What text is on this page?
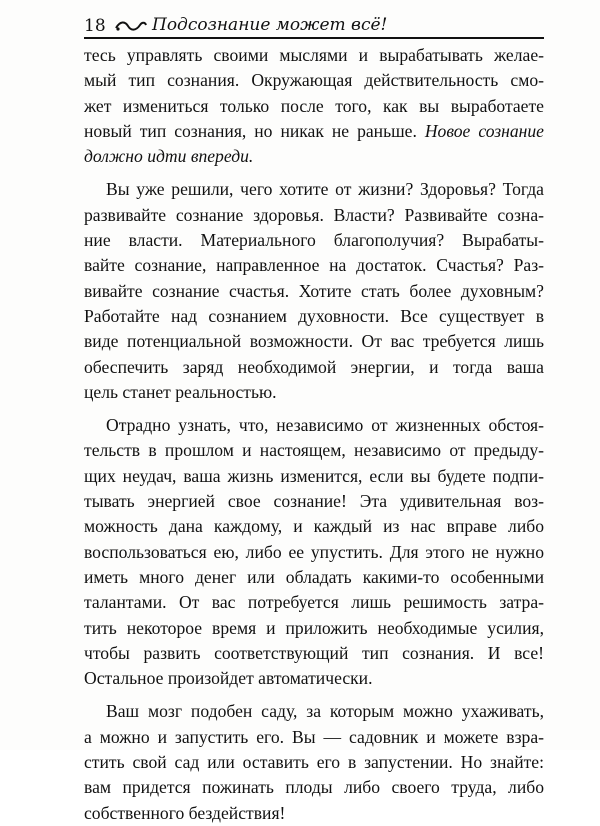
18	Подсознание может всё!
тесь управлять своими мыслями и вырабатывать желае-
мый тип сознания. Окружающая действительность смо-
жет измениться только после того, как вы выработаете
новый тип сознания, но никак не раньше. Новое сознание
должно идти впереди.
Вы уже решили, чего хотите от жизни? Здоровья? Тогда
развивайте сознание здоровья. Власти? Развивайте созна-
ние власти. Материального благополучия? Вырабаты-
вайте сознание, направленное на достаток. Счастья? Раз-
вивайте сознание счастья. Хотите стать более духовным?
Работайте над сознанием духовности. Все существует в
виде потенциальной возможности. От вас требуется лишь
обеспечить заряд необходимой энергии, и тогда ваша
цель станет реальностью.
Отрадно узнать, что, независимо от жизненных обстоя-
тельств в прошлом и настоящем, независимо от предыду-
щих неудач, ваша жизнь изменится, если вы будете подпи-
тывать энергией свое сознание! Эта удивительная воз-
можность дана каждому, и каждый из нас вправе либо
воспользоваться ею, либо ее упустить. Для этого не нужно
иметь много денег или обладать какими-то особенными
талантами. От вас потребуется лишь решимость затра-
тить некоторое время и приложить необходимые усилия,
чтобы развить соответствующий тип сознания. И все!
Остальное произойдет автоматически.
Ваш мозг подобен саду, за которым можно ухаживать,
а можно и запустить его. Вы — садовник и можете взра-
стить свой сад или оставить его в запустении. Но знайте:
вам придется пожинать плоды либо своего труда, либо
собственного бездействия!
